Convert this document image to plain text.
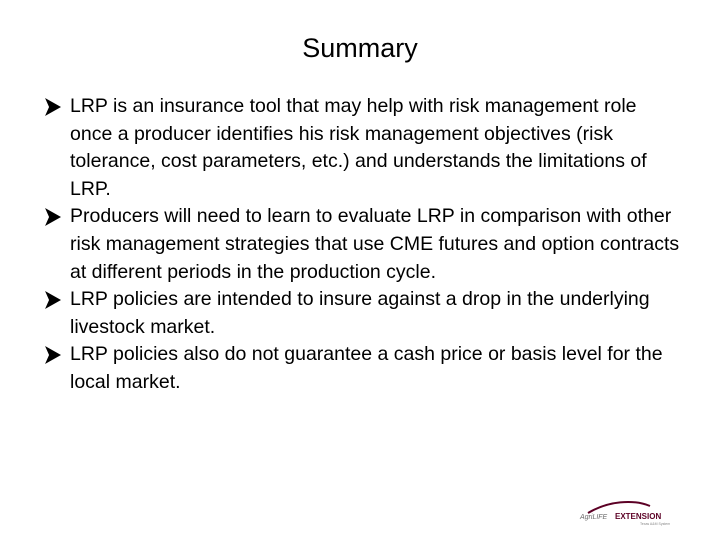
Summary
LRP is an insurance tool that may help with risk management role once a producer identifies his risk management objectives (risk tolerance, cost parameters, etc.) and understands the limitations of LRP.
Producers will need to learn to evaluate LRP in comparison with other risk management strategies that use CME futures and option contracts at different periods in the production cycle.
LRP policies are intended to insure against a drop in the underlying livestock market.
LRP policies also do not guarantee a cash price or basis level for the local market.
AgriLIFE EXTENSION
Texas A&M System
